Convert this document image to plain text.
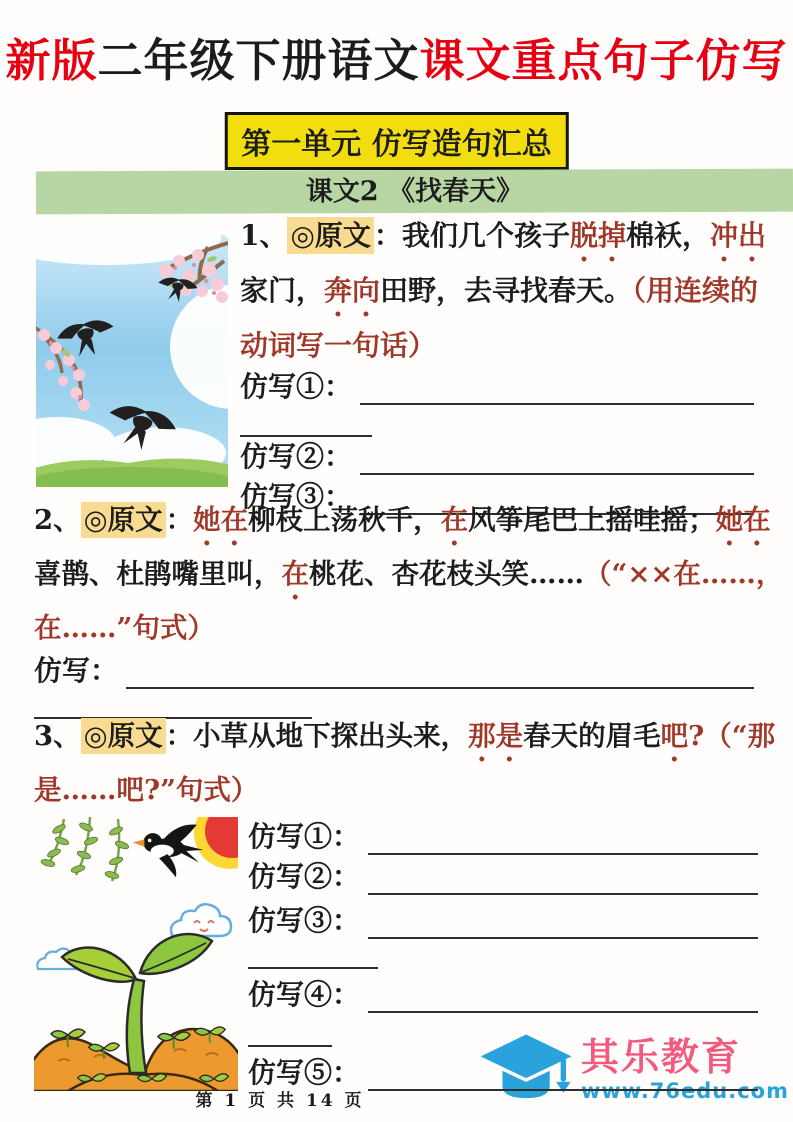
新版二年级下册语文课文重点句子仿写
第一单元 仿写造句汇总
课文2 《找春天》

1、 ◎原文 ：我们几个孩子脱掉棉袄，冲出家门，奔向田野，去寻找春天。（用连续的动词写一句话）

仿写①：
仿写②：
仿写③：

2、 ◎原文 ：她在柳枝上荡秋千，在风筝尾巴上摇哇摇；她在喜鹊、杜鹃嘴里叫，在桃花、杏花枝头笑……（“××在……，在……”句式）

仿写：

3、 ◎原文 ：小草从地下探出头来，那是春天的眉毛吧?（“那是……吧?”句式）

仿写①：
仿写②：
仿写③：
仿写④：
仿写⑤：
第 1 页 共 14 页
其乐教育
www.76edu.com
